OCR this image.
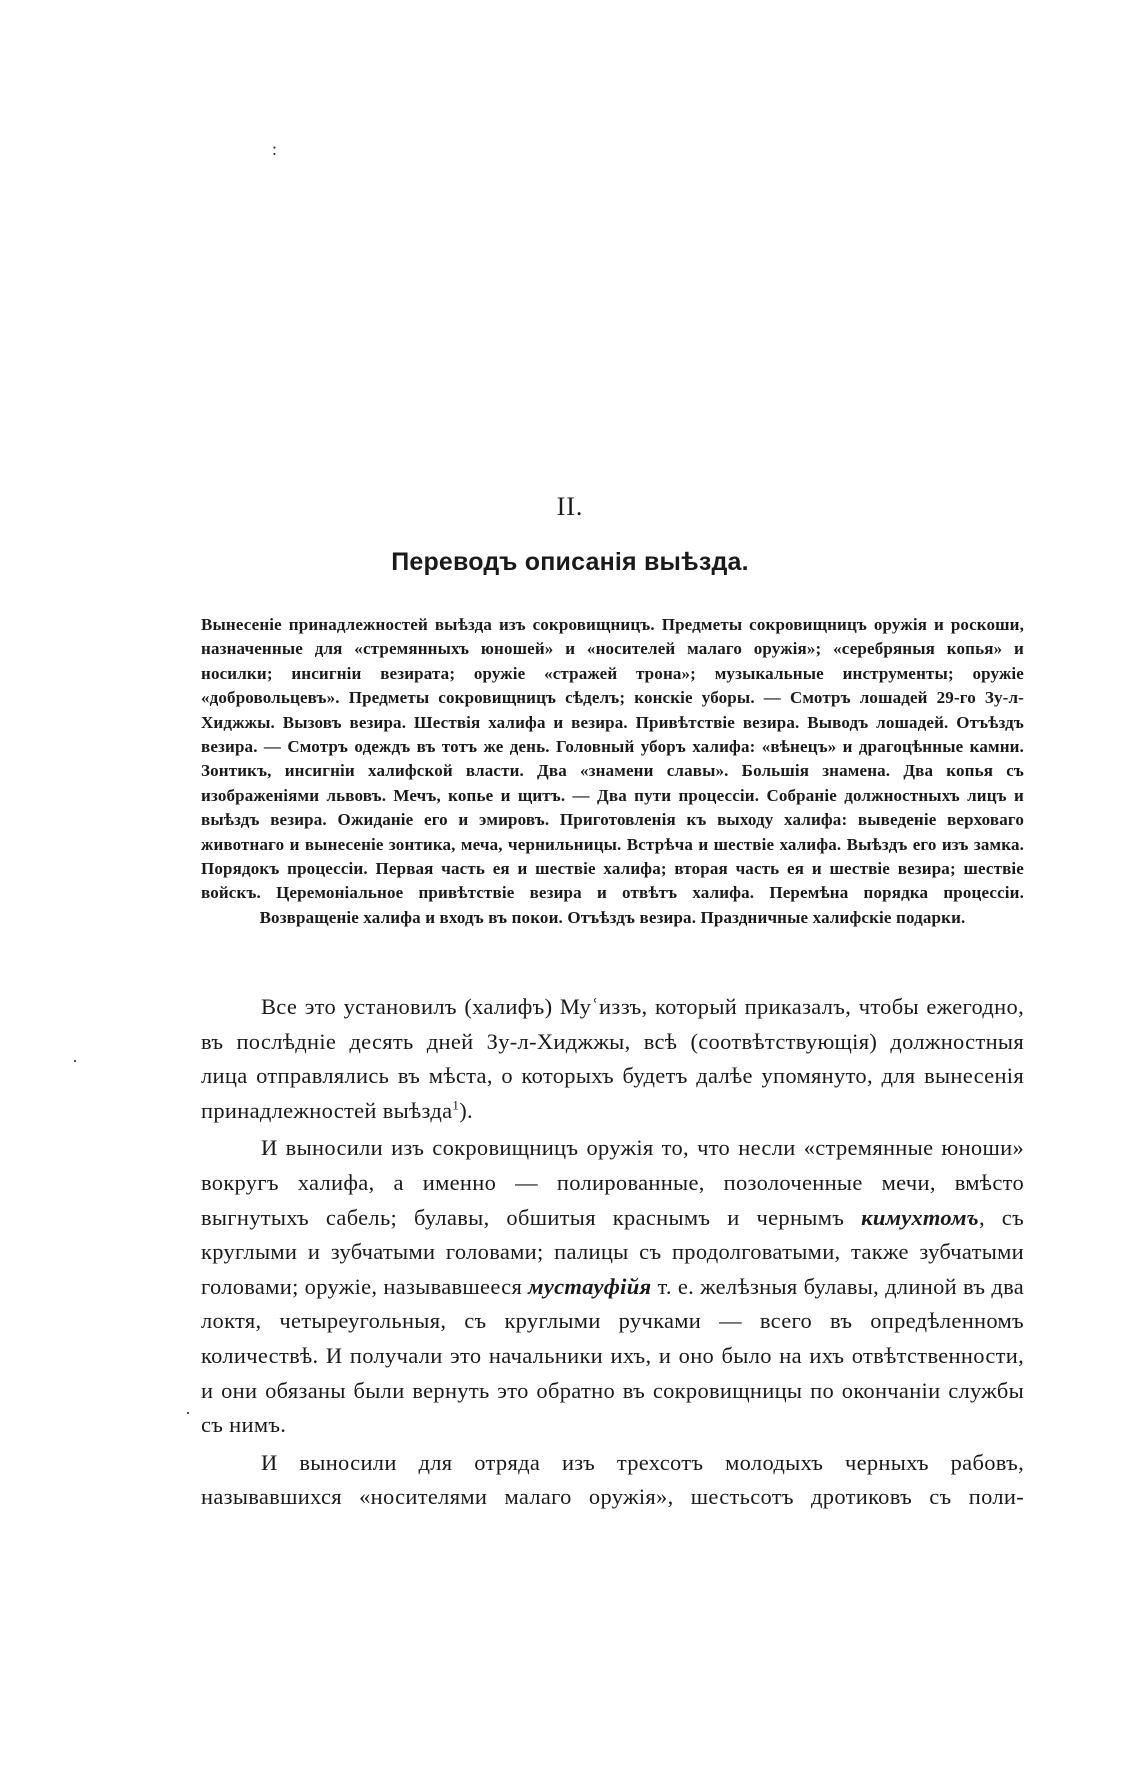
:
·
·
II.
Переводъ описанія выѣзда.
Вынесеніе принадлежностей выѣзда изъ сокровищницъ. Предметы сокровищницъ оружія и роскоши, назначенные для «стремянныхъ юношей» и «носителей малаго оружія»; «серебряныя копья» и носилки; инсигніи везирата; оружіе «стражей трона»; музыкальные инструменты; оружіе «добровольцевъ». Предметы сокровищницъ сѣделъ; конскіе уборы. — Смотръ лошадей 29-го Зу-л-Хиджжы. Вызовъ везира. Шествія халифа и везира. Привѣтствіе везира. Выводъ лошадей. Отъѣздъ везира. — Смотръ одеждъ въ тотъ же день. Головный уборъ халифа: «вѣнецъ» и драгоцѣнные камни. Зонтикъ, инсигніи халифской власти. Два «знамени славы». Большія знамена. Два копья съ изображеніями львовъ. Мечъ, копье и щитъ. — Два пути процессіи. Собраніе должностныхъ лицъ и выѣздъ везира. Ожиданіе его и эмировъ. Приготовленія къ выходу халифа: выведеніе верховаго животнаго и вынесеніе зонтика, меча, чернильницы. Встрѣча и шествіе халифа. Выѣздъ его изъ замка. Порядокъ процессіи. Первая часть ея и шествіе халифа; вторая часть ея и шествіе везира; шествіе войскъ. Церемоніальное привѣтствіе везира и отвѣтъ халифа. Перемѣна порядка процессіи. Возвращеніе халифа и входъ въ покои. Отъѣздъ везира. Праздничные халифскіе подарки.

Все это установилъ (халифъ) Муʿиззъ, который приказалъ, чтобы ежегодно, въ послѣдніе десять дней Зу-л-Хиджжы, всѣ (соотвѣтствующія) должностныя лица отправлялись въ мѣста, о которыхъ будетъ далѣе упомянуто, для вынесенія принадлежностей выѣзда$^1$).

И выносили изъ сокровищницъ оружія то, что несли «стремянные юноши» вокругъ халифа, а именно — полированные, позолоченные мечи, вмѣсто выгнутыхъ сабель; булавы, обшитыя краснымъ и чернымъ кимухтомъ, съ круглыми и зубчатыми головами; палицы съ продолговатыми, также зубчатыми головами; оружіе, называвшееся мустауфійя т. е. желѣзныя булавы, длиной въ два локтя, четыреугольныя, съ круглыми ручками — всего въ опредѣленномъ количествѣ. И получали это начальники ихъ, и оно было на ихъ отвѣтственности, и они обязаны были вернуть это обратно въ сокровищницы по окончаніи службы съ нимъ.

И выносили для отряда изъ трехсотъ молодыхъ черныхъ рабовъ, называвшихся «носителями малаго оружія», шестьсотъ дротиковъ съ поли-
